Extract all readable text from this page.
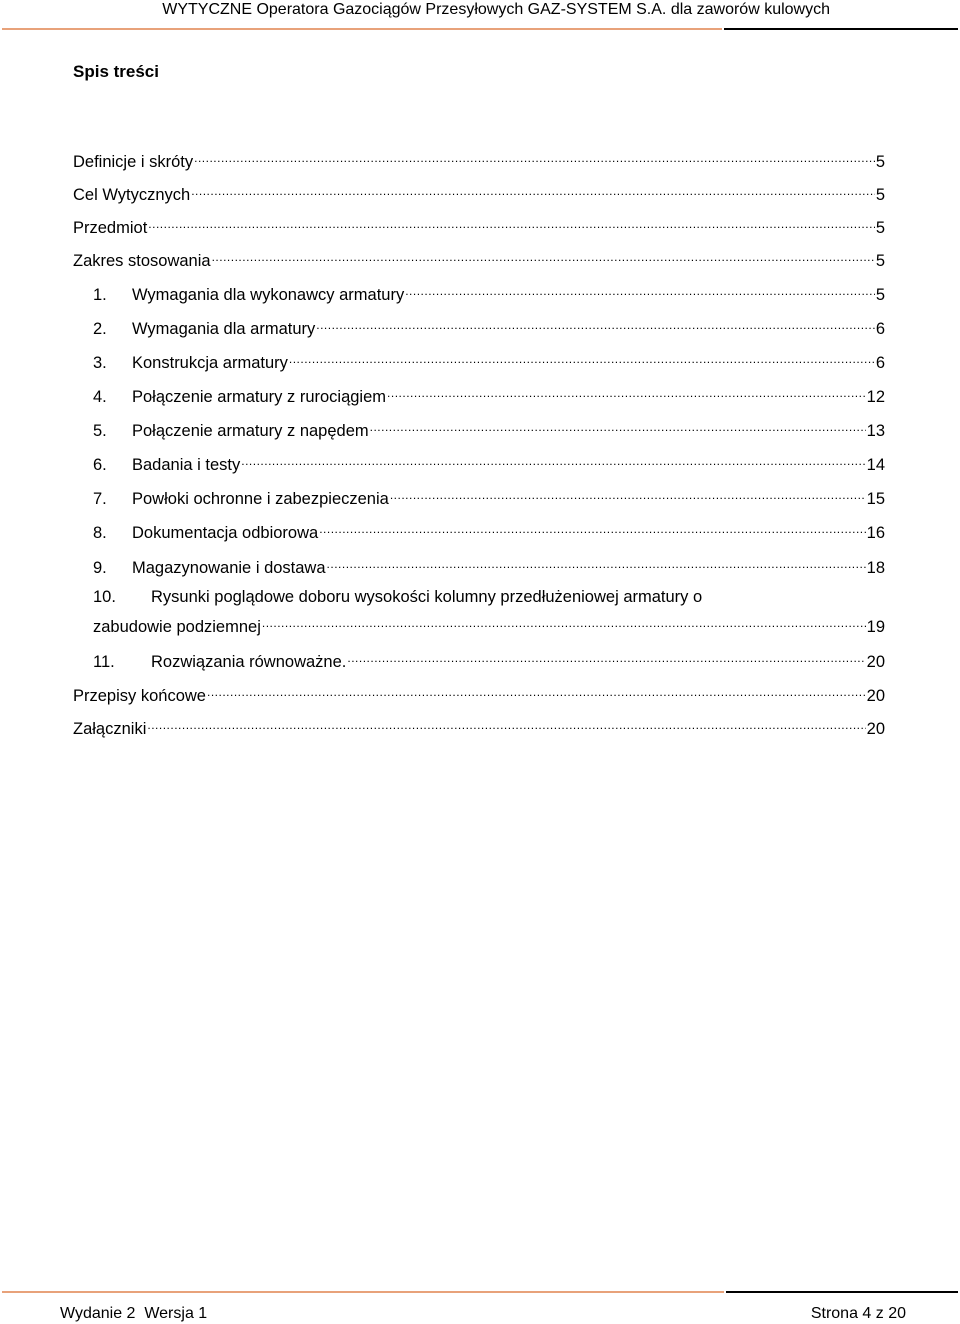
WYTYCZNE Operatora Gazociągów Przesyłowych GAZ-SYSTEM S.A. dla zaworów kulowych
Spis treści
Definicje i skróty .....	5
Cel Wytycznych .....	5
Przedmiot .....	5
Zakres stosowania .....	5
1.	Wymagania dla wykonawcy armatury .....	5
2.	Wymagania dla armatury .....	6
3.	Konstrukcja armatury .....	6
4.	Połączenie armatury z rurociągiem .....	12
5.	Połączenie armatury z napędem .....	13
6.	Badania i testy .....	14
7.	Powłoki ochronne i zabezpieczenia .....	15
8.	Dokumentacja odbiorowa .....	16
9.	Magazynowanie i dostawa .....	18
10. Rysunki poglądowe doboru wysokości kolumny przedłużeniowej armatury o
zabudowie podziemnej .....	19
11.	Rozwiązania równoważne. .....	20
Przepisy końcowe .....	20
Załączniki .....	20
Wydanie 2  Wersja 1	Strona 4 z 20
